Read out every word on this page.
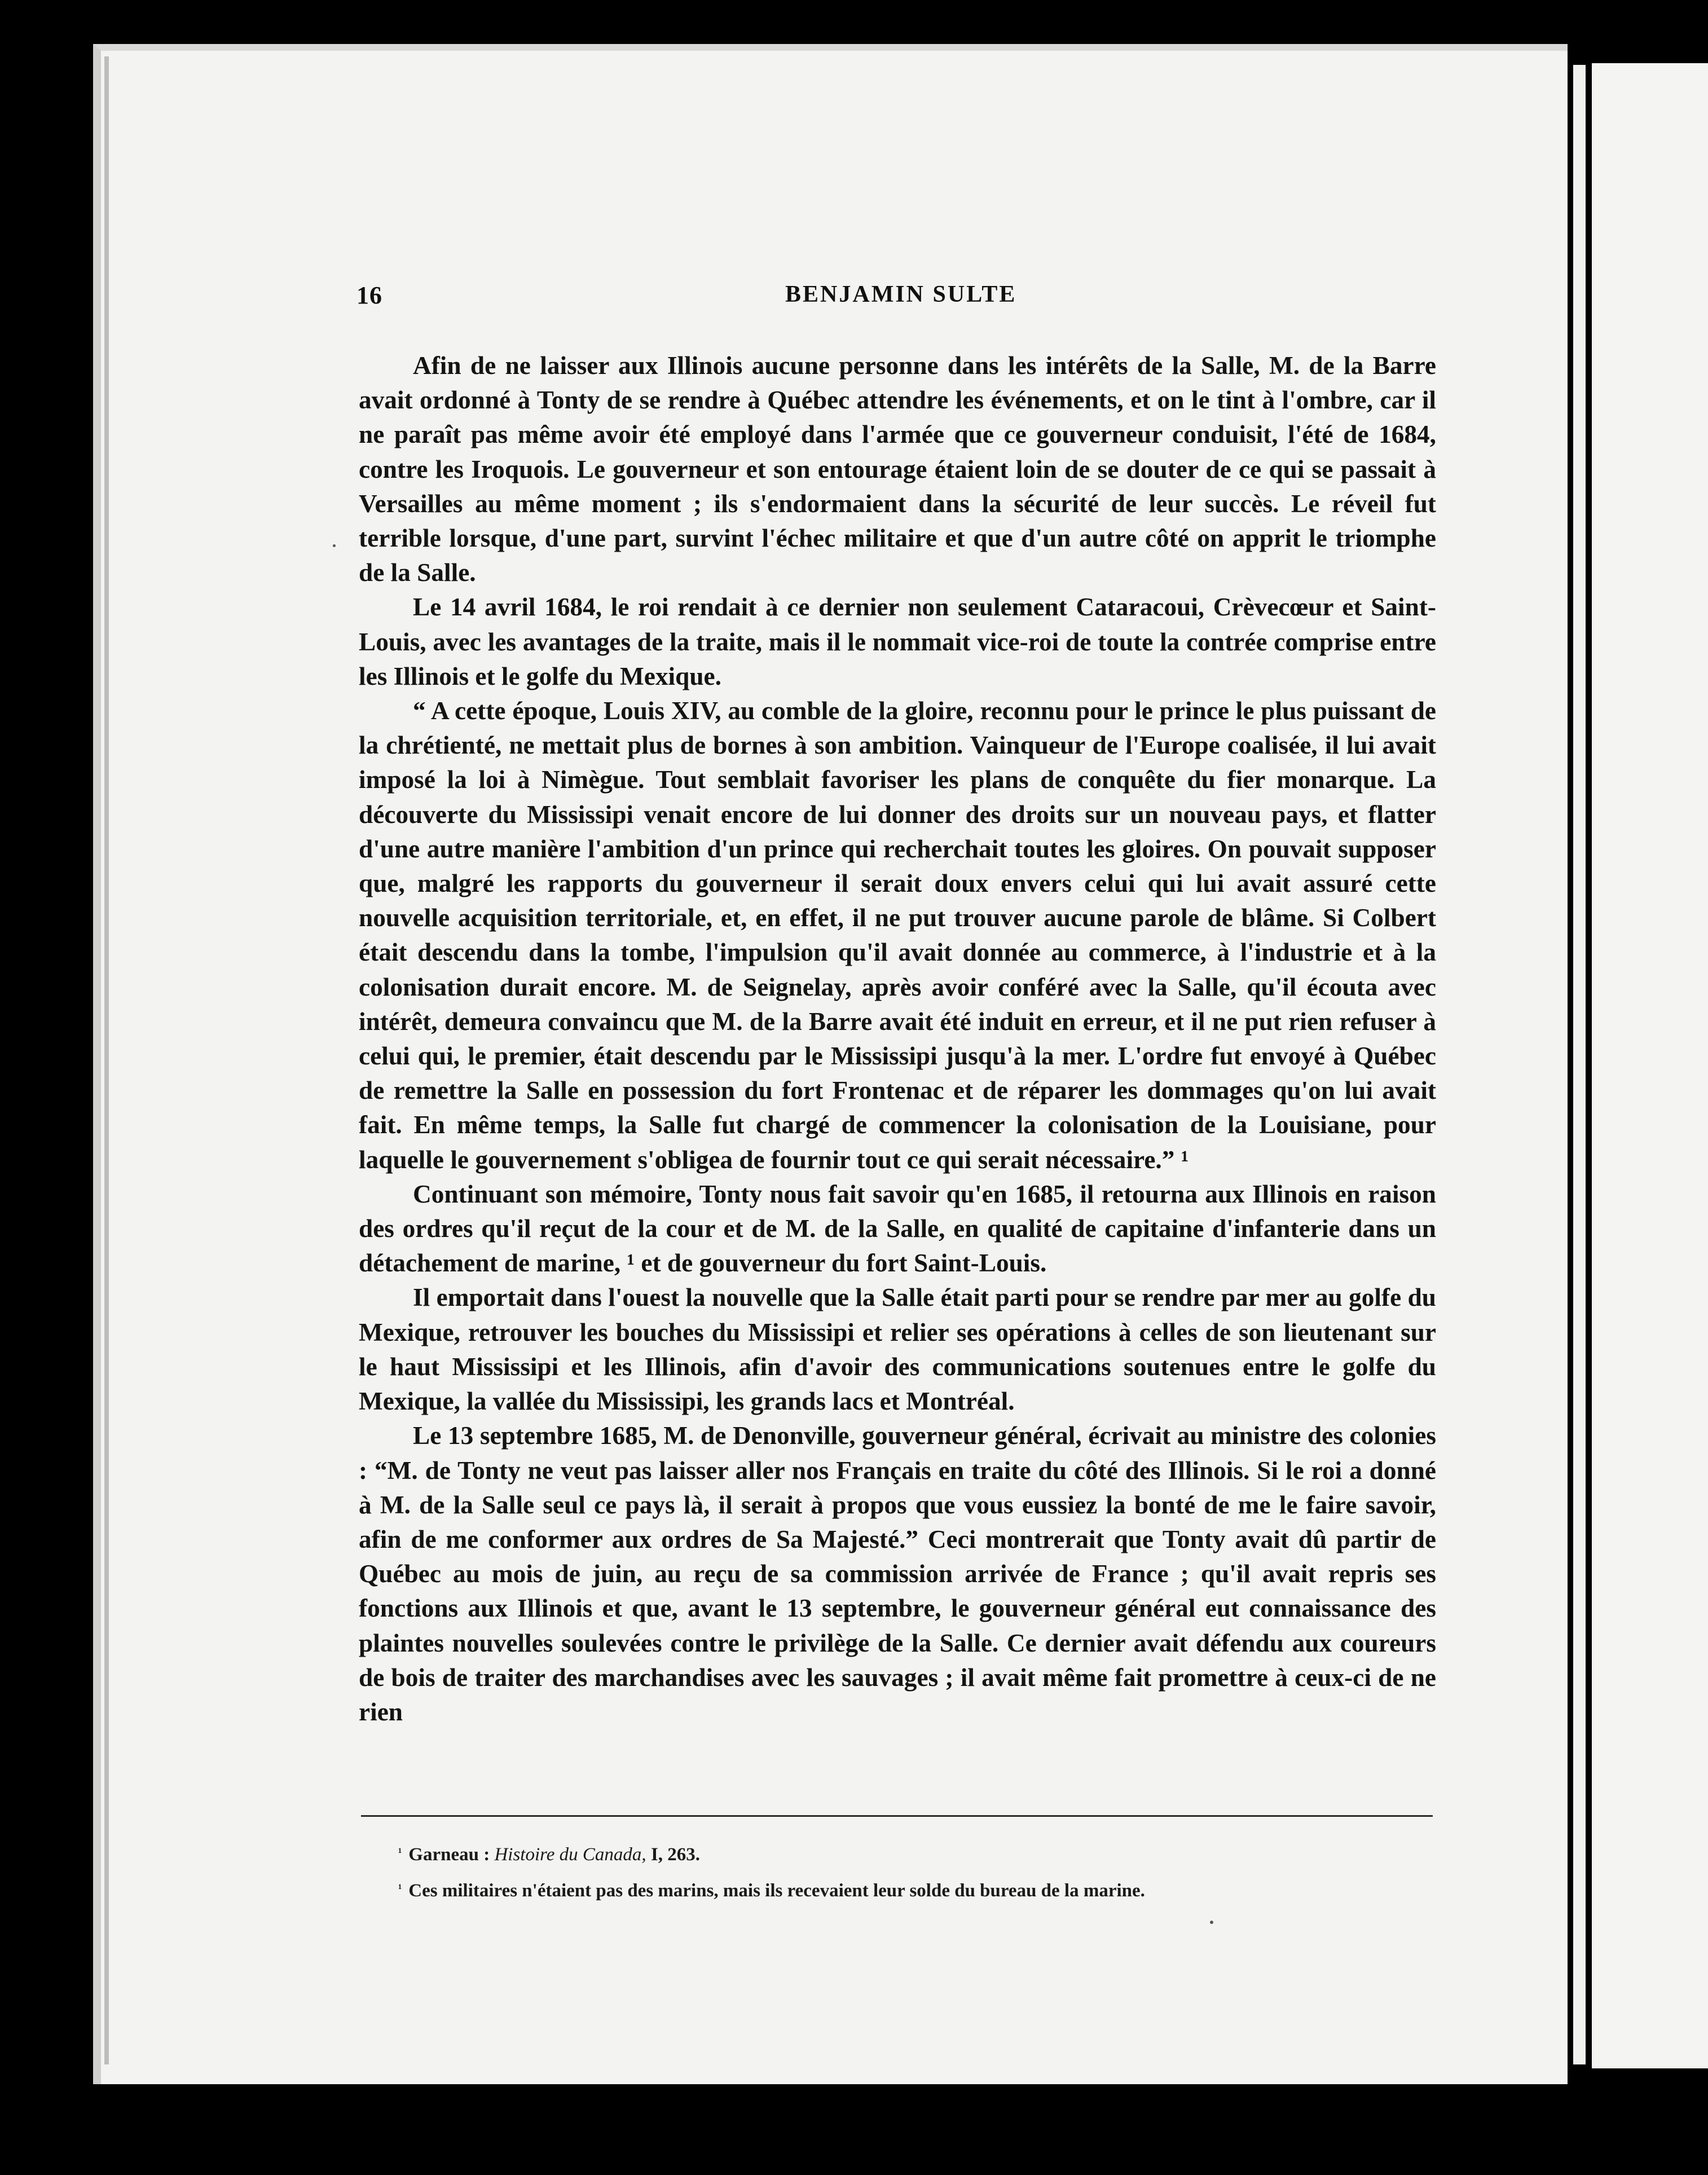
16	BENJAMIN SULTE

Afin de ne laisser aux Illinois aucune personne dans les intérêts de la Salle, M. de la Barre avait ordonné à Tonty de se rendre à Québec attendre les événements, et on le tint à l'ombre, car il ne paraît pas même avoir été employé dans l'armée que ce gouverneur conduisit, l'été de 1684, contre les Iroquois. Le gouverneur et son entourage étaient loin de se douter de ce qui se passait à Versailles au même moment ; ils s'endormaient dans la sécurité de leur succès. Le réveil fut terrible lorsque, d'une part, survint l'échec militaire et que d'un autre côté on apprit le triomphe de la Salle.

Le 14 avril 1684, le roi rendait à ce dernier non seulement Cataracoui, Crèvecœur et Saint-Louis, avec les avantages de la traite, mais il le nommait vice-roi de toute la contrée comprise entre les Illinois et le golfe du Mexique.

“ A cette époque, Louis XIV, au comble de la gloire, reconnu pour le prince le plus puissant de la chrétienté, ne mettait plus de bornes à son ambition. Vainqueur de l'Europe coalisée, il lui avait imposé la loi à Nimègue. Tout semblait favoriser les plans de conquête du fier monarque. La découverte du Mississipi venait encore de lui donner des droits sur un nouveau pays, et flatter d'une autre manière l'ambition d'un prince qui recherchait toutes les gloires. On pouvait supposer que, malgré les rapports du gouverneur il serait doux envers celui qui lui avait assuré cette nouvelle acquisition territoriale, et, en effet, il ne put trouver aucune parole de blâme. Si Colbert était descendu dans la tombe, l'impulsion qu'il avait donnée au commerce, à l'industrie et à la colonisation durait encore. M. de Seignelay, après avoir conféré avec la Salle, qu'il écouta avec intérêt, demeura convaincu que M. de la Barre avait été induit en erreur, et il ne put rien refuser à celui qui, le premier, était descendu par le Mississipi jusqu'à la mer. L'ordre fut envoyé à Québec de remettre la Salle en possession du fort Frontenac et de réparer les dommages qu'on lui avait fait. En même temps, la Salle fut chargé de commencer la colonisation de la Louisiane, pour laquelle le gouvernement s'obligea de fournir tout ce qui serait nécessaire.” ¹

Continuant son mémoire, Tonty nous fait savoir qu'en 1685, il retourna aux Illinois en raison des ordres qu'il reçut de la cour et de M. de la Salle, en qualité de capitaine d'infanterie dans un détachement de marine, ¹ et de gouverneur du fort Saint-Louis.

Il emportait dans l'ouest la nouvelle que la Salle était parti pour se rendre par mer au golfe du Mexique, retrouver les bouches du Mississipi et relier ses opérations à celles de son lieutenant sur le haut Mississipi et les Illinois, afin d'avoir des communications soutenues entre le golfe du Mexique, la vallée du Mississipi, les grands lacs et Montréal.

Le 13 septembre 1685, M. de Denonville, gouverneur général, écrivait au ministre des colonies : “M. de Tonty ne veut pas laisser aller nos Français en traite du côté des Illinois. Si le roi a donné à M. de la Salle seul ce pays là, il serait à propos que vous eussiez la bonté de me le faire savoir, afin de me conformer aux ordres de Sa Majesté.” Ceci montrerait que Tonty avait dû partir de Québec au mois de juin, au reçu de sa commission arrivée de France ; qu'il avait repris ses fonctions aux Illinois et que, avant le 13 septembre, le gouverneur général eut connaissance des plaintes nouvelles soulevées contre le privilège de la Salle. Ce dernier avait défendu aux coureurs de bois de traiter des marchandises avec les sauvages ; il avait même fait promettre à ceux-ci de ne rien

$^{^1}$ Garneau : Histoire du Canada, I, 263.
$^{^1}$ Ces militaires n'étaient pas des marins, mais ils recevaient leur solde du bureau de la marine.
